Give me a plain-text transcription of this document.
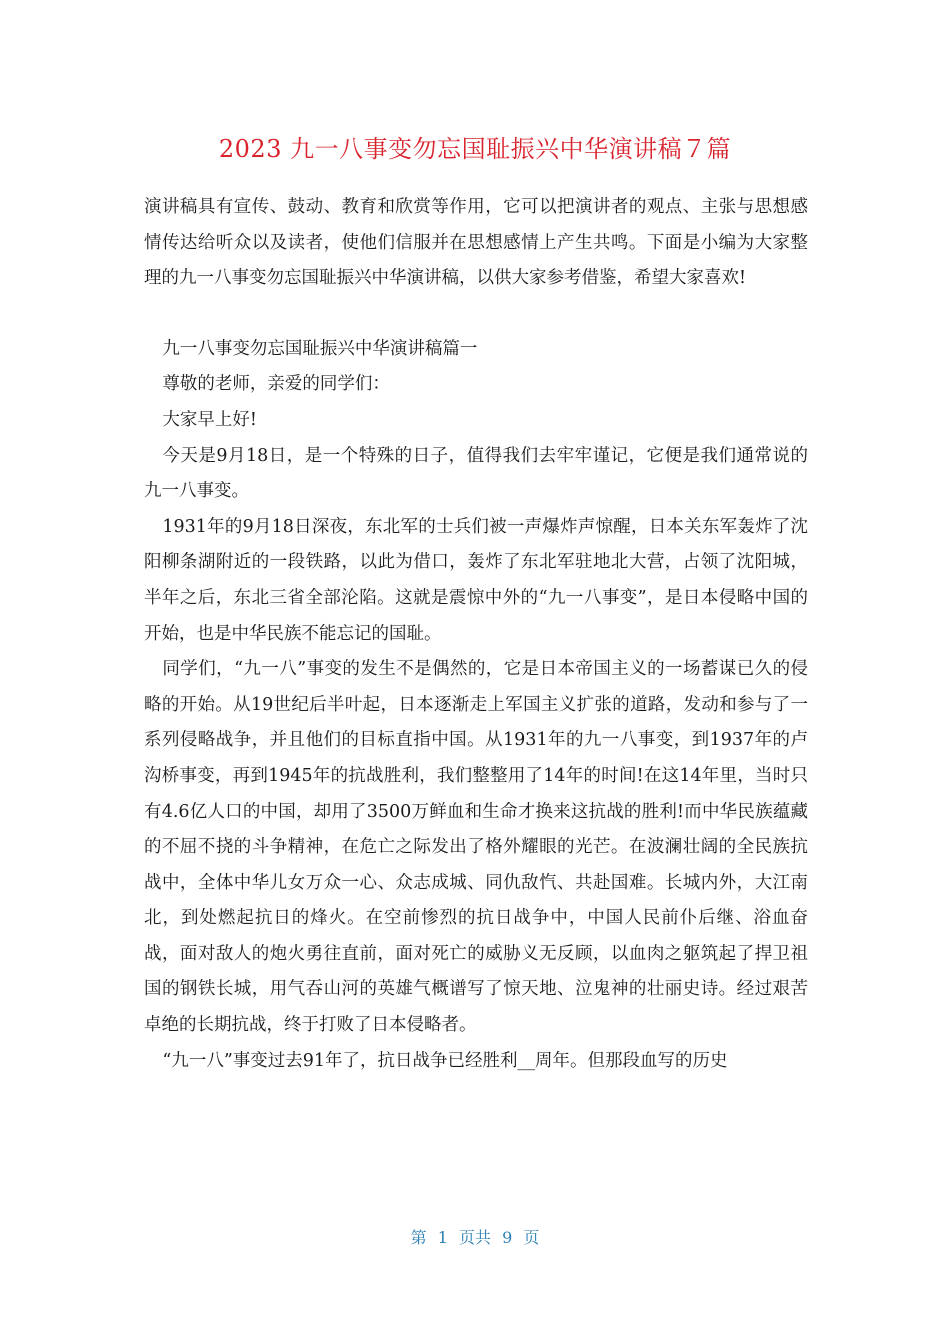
2023 九一八事变勿忘国耻振兴中华演讲稿７篇

演讲稿具有宣传、鼓动、教育和欣赏等作用，它可以把演讲者的观点、主张与思想感情传达给听众以及读者，使他们信服并在思想感情上产生共鸣。下面是小编为大家整理的九一八事变勿忘国耻振兴中华演讲稿，以供大家参考借鉴，希望大家喜欢!

九一八事变勿忘国耻振兴中华演讲稿篇一

尊敬的老师，亲爱的同学们：

大家早上好!

今天是9月18日，是一个特殊的日子，值得我们去牢牢谨记，它便是我们通常说的九一八事变。

1931年的9月18日深夜，东北军的士兵们被一声爆炸声惊醒，日本关东军轰炸了沈阳柳条湖附近的一段铁路，以此为借口，轰炸了东北军驻地北大营，占领了沈阳城，半年之后，东北三省全部沦陷。这就是震惊中外的“九一八事变”，是日本侵略中国的开始，也是中华民族不能忘记的国耻。

同学们，“九一八”事变的发生不是偶然的，它是日本帝国主义的一场蓄谋已久的侵略的开始。从19世纪后半叶起，日本逐渐走上军国主义扩张的道路，发动和参与了一系列侵略战争，并且他们的目标直指中国。从1931年的九一八事变，到1937年的卢沟桥事变，再到1945年的抗战胜利，我们整整用了14年的时间!在这14年里，当时只有4.6亿人口的中国，却用了3500万鲜血和生命才换来这抗战的胜利!而中华民族蕴藏的不屈不挠的斗争精神，在危亡之际发出了格外耀眼的光芒。在波澜壮阔的全民族抗战中，全体中华儿女万众一心、众志成城、同仇敌忾、共赴国难。长城内外，大江南北，到处燃起抗日的烽火。在空前惨烈的抗日战争中，中国人民前仆后继、浴血奋战，面对敌人的炮火勇往直前，面对死亡的威胁义无反顾，以血肉之躯筑起了捍卫祖国的钢铁长城，用气吞山河的英雄气概谱写了惊天地、泣鬼神的壮丽史诗。经过艰苦卓绝的长期抗战，终于打败了日本侵略者。

“九一八”事变过去91年了，抗日战争已经胜利__周年。但那段血写的历史

第 1 页共 9 页
